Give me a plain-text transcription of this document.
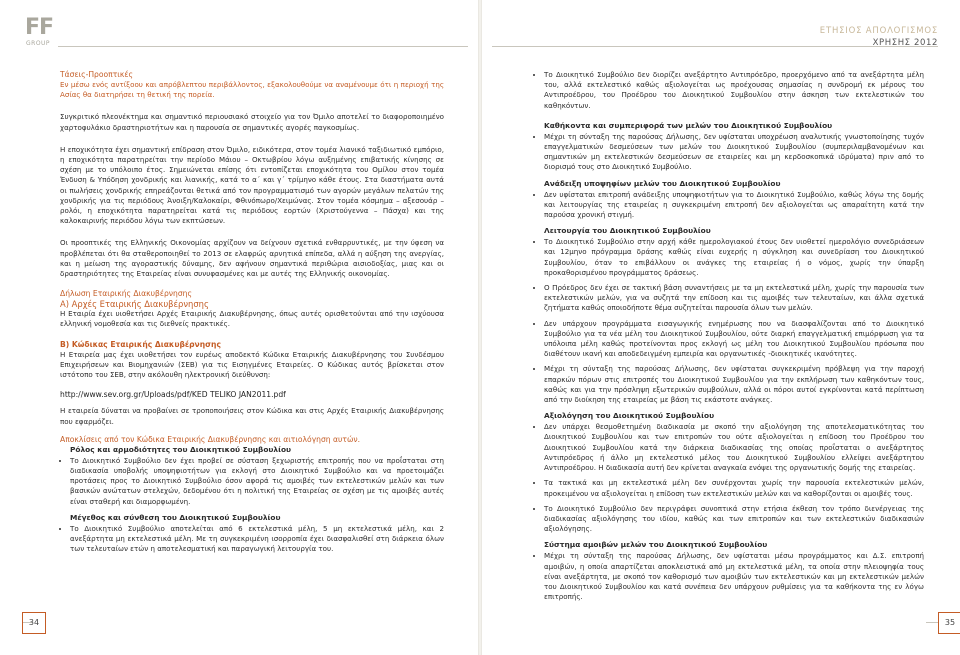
FF
GROUP
Τάσεις-Προοπτικές

Εν μέσω ενός αντίξοου και απρόβλεπτου περιβάλλοντος, εξακολουθούμε να αναμένουμε ότι η περιοχή της Ασίας θα διατηρήσει τη θετική της πορεία.

Συγκριτικό πλεονέκτημα και σημαντικό περιουσιακό στοιχείο για τον Όμιλο αποτελεί το διαφοροποιημένο χαρτοφυλάκιο δραστηριοτήτων και η παρουσία σε σημαντικές αγορές παγκοσμίως.

Η εποχικότητα έχει σημαντική επίδραση στον Όμιλο, ειδικότερα, στον τομέα λιανικό ταξιδιωτικό εμπόριο, η εποχικότητα παρατηρείται την περίοδο Μάιου – Οκτωβρίου λόγω αυξημένης επιβατικής κίνησης σε σχέση με το υπόλοιπο έτος. Σημειώνεται επίσης ότι εντοπίζεται εποχικότητα του Ομίλου στον τομέα Ένδυση & Υπόδηση χονδρικής και λιανικής, κατά το α΄ και γ΄ τρίμηνο κάθε έτους. Στα διαστήματα αυτά οι πωλήσεις χονδρικής επηρεάζονται θετικά από τον προγραμματισμό των αγορών μεγάλων πελατών της χονδρικής για τις περιόδους Άνοιξη/Καλοκαίρι, Φθινόπωρο/Χειμώνας. Στον τομέα κόσμημα – αξεσουάρ – ρολόι, η εποχικότητα παρατηρείται κατά τις περιόδους εορτών (Χριστούγεννα – Πάσχα) και της καλοκαιρινής περιόδου λόγω των εκπτώσεων.

Οι προοπτικές της Ελληνικής Οικονομίας αρχίζουν να δείχνουν σχετικά ενθαρρυντικές, με την ύφεση να προβλέπεται ότι θα σταθεροποιηθεί το 2013 σε ελαφρώς αρνητικά επίπεδα, αλλά η αύξηση της ανεργίας, και η μείωση της αγοραστικής δύναμης, δεν αφήνουν σημαντικά περιθώρια αισιοδοξίας, μιας και οι δραστηριότητες της Εταιρείας είναι συνυφασμένες και με αυτές της Ελληνικής οικονομίας.

Δήλωση Εταιρικής Διακυβέρνησης
Α) Αρχές Εταιρικής Διακυβέρνησης

Η Εταιρία έχει υιοθετήσει Αρχές Εταιρικής Διακυβέρνησης, όπως αυτές ορισθετούνται από την ισχύουσα ελληνική νομοθεσία και τις διεθνείς πρακτικές.

Β) Κώδικας Εταιρικής Διακυβέρνησης

Η Εταιρεία μας έχει υιοθετήσει τον ευρέως αποδεκτό Κώδικα Εταιρικής Διακυβέρνησης του Συνδέσμου Επιχειρήσεων και Βιομηχανιών (ΣΕΒ) για τις Εισηγμένες Εταιρείες. Ο Κώδικας αυτός βρίσκεται στον ιστότοπο του ΣΕΒ, στην ακόλουθη ηλεκτρονική διεύθυνση:

http://www.sev.org.gr/Uploads/pdf/KED TELIKO JAN2011.pdf

Η εταιρεία δύναται να προβαίνει σε τροποποιήσεις στον Κώδικα και στις Αρχές Εταιρικής Διακυβέρνησης που εφαρμόζει.

Αποκλίσεις από τον Κώδικα Εταιρικής Διακυβέρνησης και αιτιολόγηση αυτών.
Ρόλος και αρμοδιότητες του Διοικητικού Συμβουλίου
• Το Διοικητικό Συμβούλιο δεν έχει προβεί σε σύσταση ξεχωριστής επιτροπής που να προΐσταται στη διαδικασία υποβολής υποψηφιοτήτων για εκλογή στο Διοικητικό Συμβούλιο και να προετοιμάζει προτάσεις προς το Διοικητικό Συμβούλιο όσον αφορά τις αμοιβές των εκτελεστικών μελών και των βασικών ανώτατων στελεχών, δεδομένου ότι η πολιτική της Εταιρείας σε σχέση με τις αμοιβές αυτές είναι σταθερή και διαμορφωμένη.
Μέγεθος και σύνθεση του Διοικητικού Συμβουλίου
• Το Διοικητικό Συμβούλιο αποτελείται από 6 εκτελεστικά μέλη, 5 μη εκτελεστικά μέλη, και 2 ανεξάρτητα μη εκτελεστικά μέλη. Με τη συγκεκριμένη ισορροπία έχει διασφαλισθεί στη διάρκεια όλων των τελευταίων ετών η αποτελεσματική και παραγωγική λειτουργία του.
34
ΕΤΗΣΙΟΣ ΑΠΟΛΟΓΙΣΜΟΣ
ΧΡΗΣΗΣ 2012
• Το Διοικητικό Συμβούλιο δεν διορίζει ανεξάρτητο Αντιπρόεδρο, προερχόμενο από τα ανεξάρτητα μέλη του, αλλά εκτελεστικό καθώς αξιολογείται ως προέχουσας σημασίας η συνδρομή εκ μέρους του Αντιπροέδρου, του Προέδρου του Διοικητικού Συμβουλίου στην άσκηση των εκτελεστικών του καθηκόντων.
Καθήκοντα και συμπεριφορά των μελών του Διοικητικού Συμβουλίου
• Μέχρι τη σύνταξη της παρούσας Δήλωσης, δεν υφίσταται υποχρέωση αναλυτικής γνωστοποίησης τυχόν επαγγελματικών δεσμεύσεων των μελών του Διοικητικού Συμβουλίου (συμπεριλαμβανομένων και σημαντικών μη εκτελεστικών δεσμεύσεων σε εταιρείες και μη κερδοσκοπικά ιδρύματα) πριν από το διορισμό τους στο Διοικητικό Συμβούλιο.
Ανάδειξη υποψηφίων μελών του Διοικητικού Συμβουλίου
• Δεν υφίσταται επιτροπή ανάδειξης υποψηφιοτήτων για το Διοικητικό Συμβούλιο, καθώς λόγω της δομής και λειτουργίας της εταιρείας η συγκεκριμένη επιτροπή δεν αξιολογείται ως απαραίτητη κατά την παρούσα χρονική στιγμή.
Λειτουργία του Διοικητικού Συμβουλίου
• Το Διοικητικό Συμβούλιο στην αρχή κάθε ημερολογιακού έτους δεν υιοθετεί ημερολόγιο συνεδριάσεων και 12μηνο πρόγραμμα δράσης καθώς είναι ευχερής η σύγκληση και συνεδρίαση του Διοικητικού Συμβουλίου, όταν το επιβάλλουν οι ανάγκες της εταιρείας ή ο νόμος, χωρίς την ύπαρξη προκαθορισμένου προγράμματος δράσεως.
• Ο Πρόεδρος δεν έχει σε τακτική βάση συναντήσεις με τα μη εκτελεστικά μέλη, χωρίς την παρουσία των εκτελεστικών μελών, για να συζητά την επίδοση και τις αμοιβές των τελευταίων, και άλλα σχετικά ζητήματα καθώς οποιοδήποτε θέμα συζητείται παρουσία όλων των μελών.
• Δεν υπάρχουν προγράμματα εισαγωγικής ενημέρωσης που να διασφαλίζονται από το Διοικητικό Συμβούλιο για τα νέα μέλη του Διοικητικού Συμβουλίου, ούτε διαρκή επαγγελματική επιμόρφωση για τα υπόλοιπα μέλη καθώς προτείνονται προς εκλογή ως μέλη του Διοικητικού Συμβουλίου πρόσωπα που διαθέτουν ικανή και αποδεδειγμένη εμπειρία και οργανωτικές -διοικητικές ικανότητες.
• Μέχρι τη σύνταξη της παρούσας Δήλωσης, δεν υφίσταται συγκεκριμένη πρόβλεψη για την παροχή επαρκών πόρων στις επιτροπές του Διοικητικού Συμβουλίου για την εκπλήρωση των καθηκόντων τους, καθώς και για την πρόσληψη εξωτερικών συμβούλων, αλλά οι πόροι αυτοί εγκρίνονται κατά περίπτωση από την διοίκηση της εταιρείας με βάση τις εκάστοτε ανάγκες.
Αξιολόγηση του Διοικητικού Συμβουλίου
• Δεν υπάρχει θεσμοθετημένη διαδικασία με σκοπό την αξιολόγηση της αποτελεσματικότητας του Διοικητικού Συμβουλίου και των επιτροπών του ούτε αξιολογείται η επίδοση του Προέδρου του Διοικητικού Συμβουλίου κατά την διάρκεια διαδικασίας της οποίας προΐσταται ο ανεξάρτητος Αντιπρόεδρος ή άλλο μη εκτελεστικό μέλος του Διοικητικού Συμβουλίου ελλείψει ανεξάρτητου Αντιπροέδρου. Η διαδικασία αυτή δεν κρίνεται αναγκαία ενόψει της οργανωτικής δομής της εταιρείας.
• Τα τακτικά και μη εκτελεστικά μέλη δεν συνέρχονται χωρίς την παρουσία εκτελεστικών μελών, προκειμένου να αξιολογείται η επίδοση των εκτελεστικών μελών και να καθορίζονται οι αμοιβές τους.
• Το Διοικητικό Συμβούλιο δεν περιγράφει συνοπτικά στην ετήσια έκθεση τον τρόπο διενέργειας της διαδικασίας αξιολόγησης του ιδίου, καθώς και των επιτροπών και των εκτελεστικών διαδικασιών αξιολόγησης.
Σύστημα αμοιβών μελών του Διοικητικού Συμβουλίου
• Μέχρι τη σύνταξη της παρούσας Δήλωσης, δεν υφίσταται μέσω προγράμματος και Δ.Σ. επιτροπή αμοιβών, η οποία απαρτίζεται αποκλειστικά από μη εκτελεστικά μέλη, τα οποία στην πλειοψηφία τους είναι ανεξάρτητα, με σκοπό τον καθορισμό των αμοιβών των εκτελεστικών και μη εκτελεστικών μελών του Διοικητικού Συμβουλίου και κατά συνέπεια δεν υπάρχουν ρυθμίσεις για τα καθήκοντα της εν λόγω επιτροπής.
35
